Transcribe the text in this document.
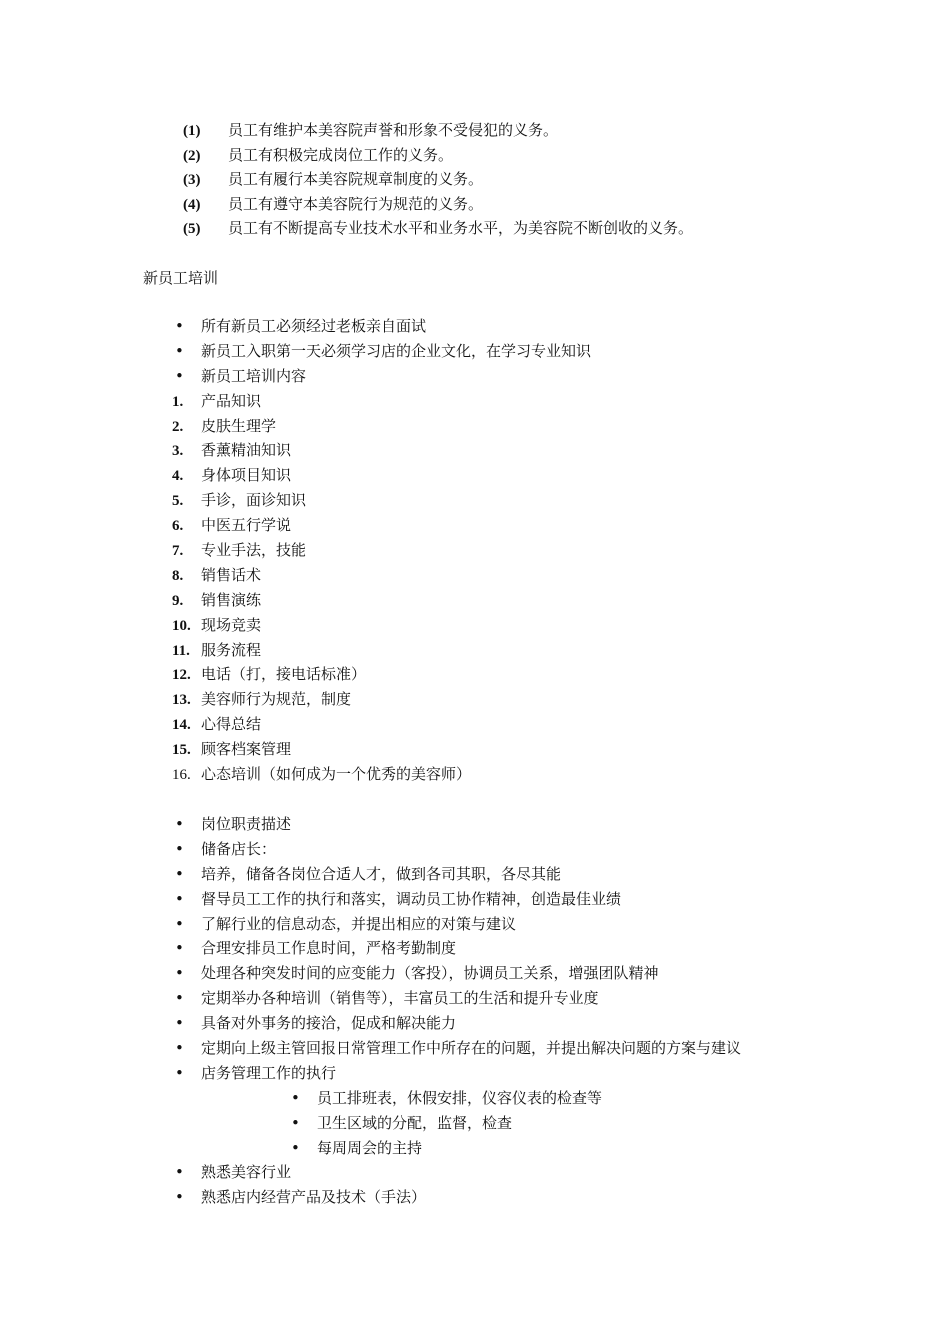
(1) 员工有维护本美容院声誉和形象不受侵犯的义务。
(2) 员工有积极完成岗位工作的义务。
(3) 员工有履行本美容院规章制度的义务。
(4) 员工有遵守本美容院行为规范的义务。
(5) 员工有不断提高专业技术水平和业务水平，为美容院不断创收的义务。
新员工培训
• 所有新员工必须经过老板亲自面试
• 新员工入职第一天必须学习店的企业文化，在学习专业知识
• 新员工培训内容
1. 产品知识
2. 皮肤生理学
3. 香薰精油知识
4. 身体项目知识
5. 手诊，面诊知识
6. 中医五行学说
7. 专业手法，技能
8. 销售话术
9. 销售演练
10. 现场竞卖
11. 服务流程
12. 电话（打，接电话标准）
13. 美容师行为规范，制度
14. 心得总结
15. 顾客档案管理
16. 心态培训（如何成为一个优秀的美容师）
• 岗位职责描述
• 储备店长：
• 培养，储备各岗位合适人才，做到各司其职，各尽其能
• 督导员工工作的执行和落实，调动员工协作精神，创造最佳业绩
• 了解行业的信息动态，并提出相应的对策与建议
• 合理安排员工作息时间，严格考勤制度
• 处理各种突发时间的应变能力（客投），协调员工关系，增强团队精神
• 定期举办各种培训（销售等），丰富员工的生活和提升专业度
• 具备对外事务的接洽，促成和解决能力
• 定期向上级主管回报日常管理工作中所存在的问题，并提出解决问题的方案与建议
• 店务管理工作的执行
• 员工排班表，休假安排，仪容仪表的检查等
• 卫生区域的分配，监督，检查
• 每周周会的主持
• 熟悉美容行业
• 熟悉店内经营产品及技术（手法）
